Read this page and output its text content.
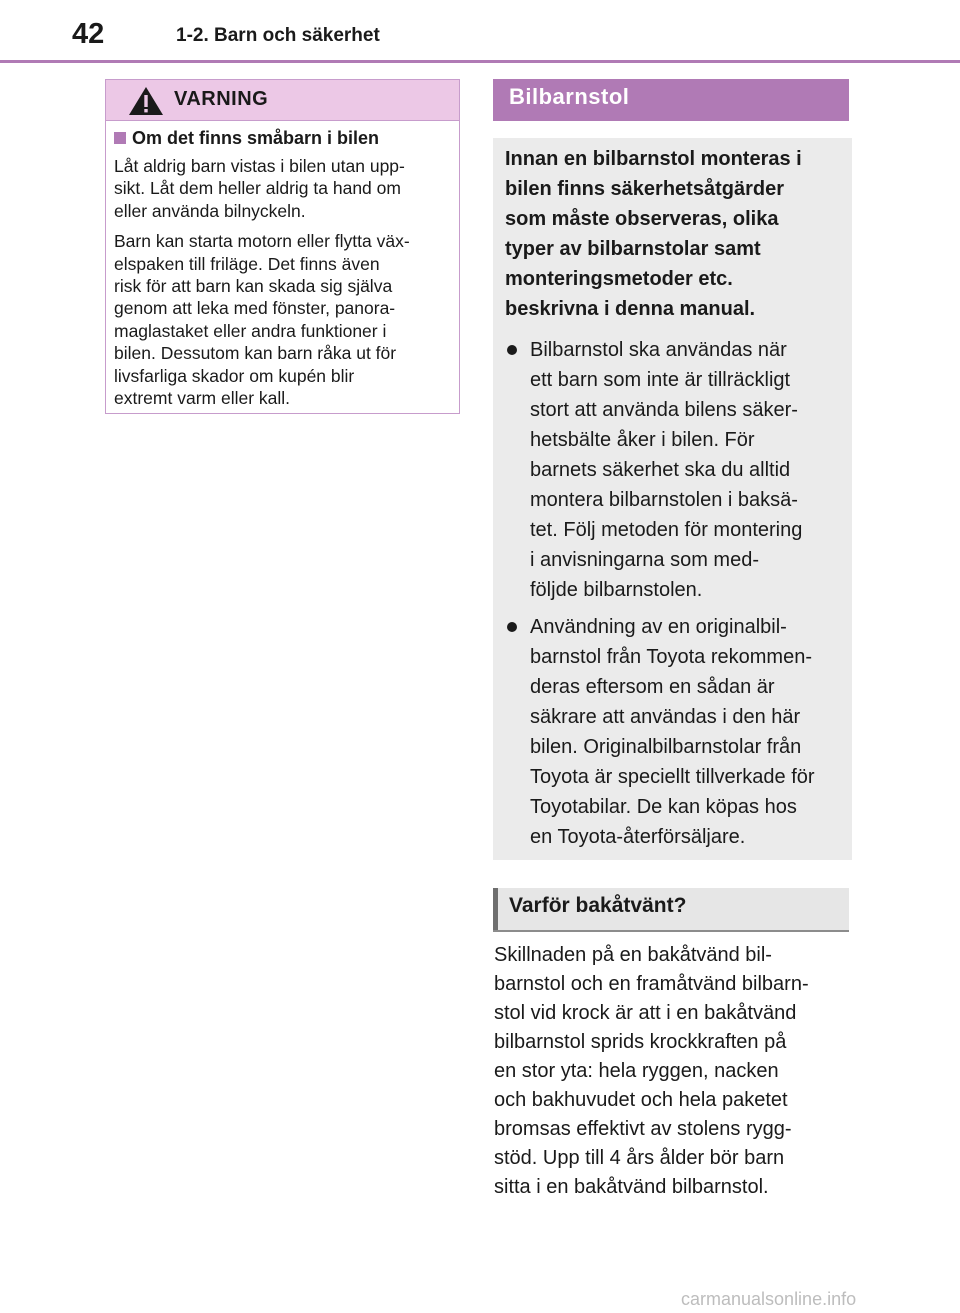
42	1-2. Barn och säkerhet
VARNING
Om det finns småbarn i bilen

Låt aldrig barn vistas i bilen utan upp-
sikt. Låt dem heller aldrig ta hand om
eller använda bilnyckeln.

Barn kan starta motorn eller flytta väx-
elspaken till friläge. Det finns även
risk för att barn kan skada sig själva
genom att leka med fönster, panora-
maglastaket eller andra funktioner i
bilen. Dessutom kan barn råka ut för
livsfarliga skador om kupén blir
extremt varm eller kall.

Bilbarnstol
Innan en bilbarnstol monteras i
bilen finns säkerhetsåtgärder
som måste observeras, olika
typer av bilbarnstolar samt
monteringsmetoder etc.
beskrivna i denna manual.
Bilbarnstol ska användas när
ett barn som inte är tillräckligt
stort att använda bilens säker-
hetsbälte åker i bilen. För
barnets säkerhet ska du alltid
montera bilbarnstolen i baksä-
tet. Följ metoden för montering
i anvisningarna som med-
följde bilbarnstolen.
Användning av en originalbil-
barnstol från Toyota rekommen-
deras eftersom en sådan är
säkrare att användas i den här
bilen. Originalbilbarnstolar från
Toyota är speciellt tillverkade för
Toyotabilar. De kan köpas hos
en Toyota-återförsäljare.
Varför bakåtvänt?
Skillnaden på en bakåtvänd bil-
barnstol och en framåtvänd bilbarn-
stol vid krock är att i en bakåtvänd
bilbarnstol sprids krockkraften på
en stor yta: hela ryggen, nacken
och bakhuvudet och hela paketet
bromsas effektivt av stolens rygg-
stöd. Upp till 4 års ålder bör barn
sitta i en bakåtvänd bilbarnstol.
carmanualsonline.info
